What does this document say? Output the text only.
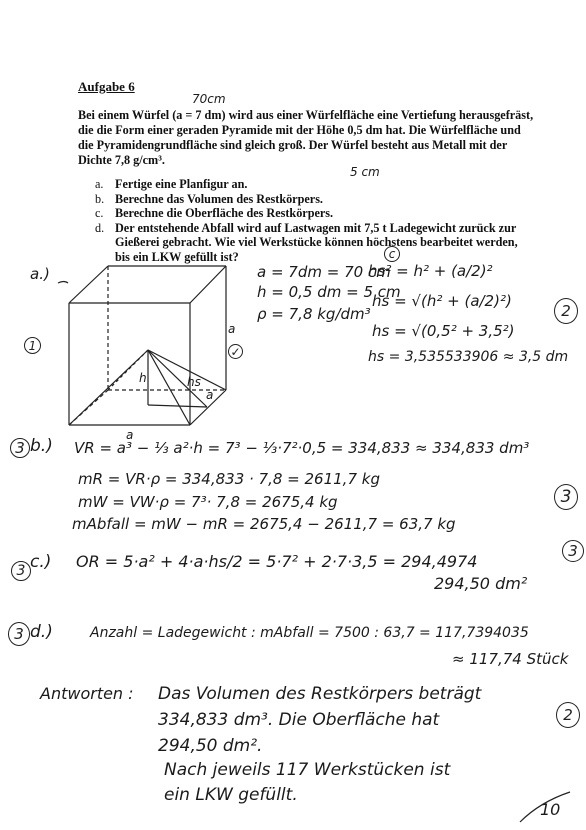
Aufgabe 6
Bei einem Würfel (a = 7 dm) wird aus einer Würfelfläche eine Vertiefung herausgefräst, die die Form einer geraden Pyramide mit der Höhe 0,5 dm hat. Die Würfelfläche und die Pyramidengrundfläche sind gleich groß. Der Würfel besteht aus Metall mit der Dichte 7,8 g/cm³.
a. Fertige eine Planfigur an.
b. Berechne das Volumen des Restkörpers.
c. Berechne die Oberfläche des Restkörpers.
d. Der entstehende Abfall wird auf Lastwagen mit 7,5 t Ladegewicht zurück zur Gießerei gebracht. Wie viel Werkstücke können höchstens bearbeitet werden, bis ein LKW gefüllt ist?
70cm
5 cm
a.)
1
a
a
a
h	hs
✓
a = 7dm = 70 cm
h = 0,5 dm = 5 cm
ρ = 7,8 kg/dm³
c
hs² = h² + (a/2)²
hs = √(h² + (a/2)²)
hs = √(0,5² + 3,5²)
hs = 3,535533906 ≈ 3,5 dm
2
3 b.) VR = a³ − ⅓ a²·h = 7³ − ⅓·7²·0,5 = 334,833 ≈ 334,833 dm³
mR = VR·ρ = 334,833 · 7,8 = 2611,7 kg
mW = VW·ρ = 7³· 7,8 = 2675,4 kg
mAbfall = mW − mR = 2675,4 − 2611,7 = 63,7 kg
3
3 c.) OR = 5·a² + 4·a·hs/2 = 5·7² + 2·7·3,5 = 294,4974
294,50 dm²
3
3 d.)	Anzahl = Ladegewicht : mAbfall = 7500 : 63,7 = 117,7394035
≈ 117,74 Stück
Antworten : Das Volumen des Restkörpers beträgt
334,833 dm³. Die Oberfläche hat
294,50 dm².
Nach jeweils 117 Werkstücken ist
ein LKW gefüllt.
2
10
